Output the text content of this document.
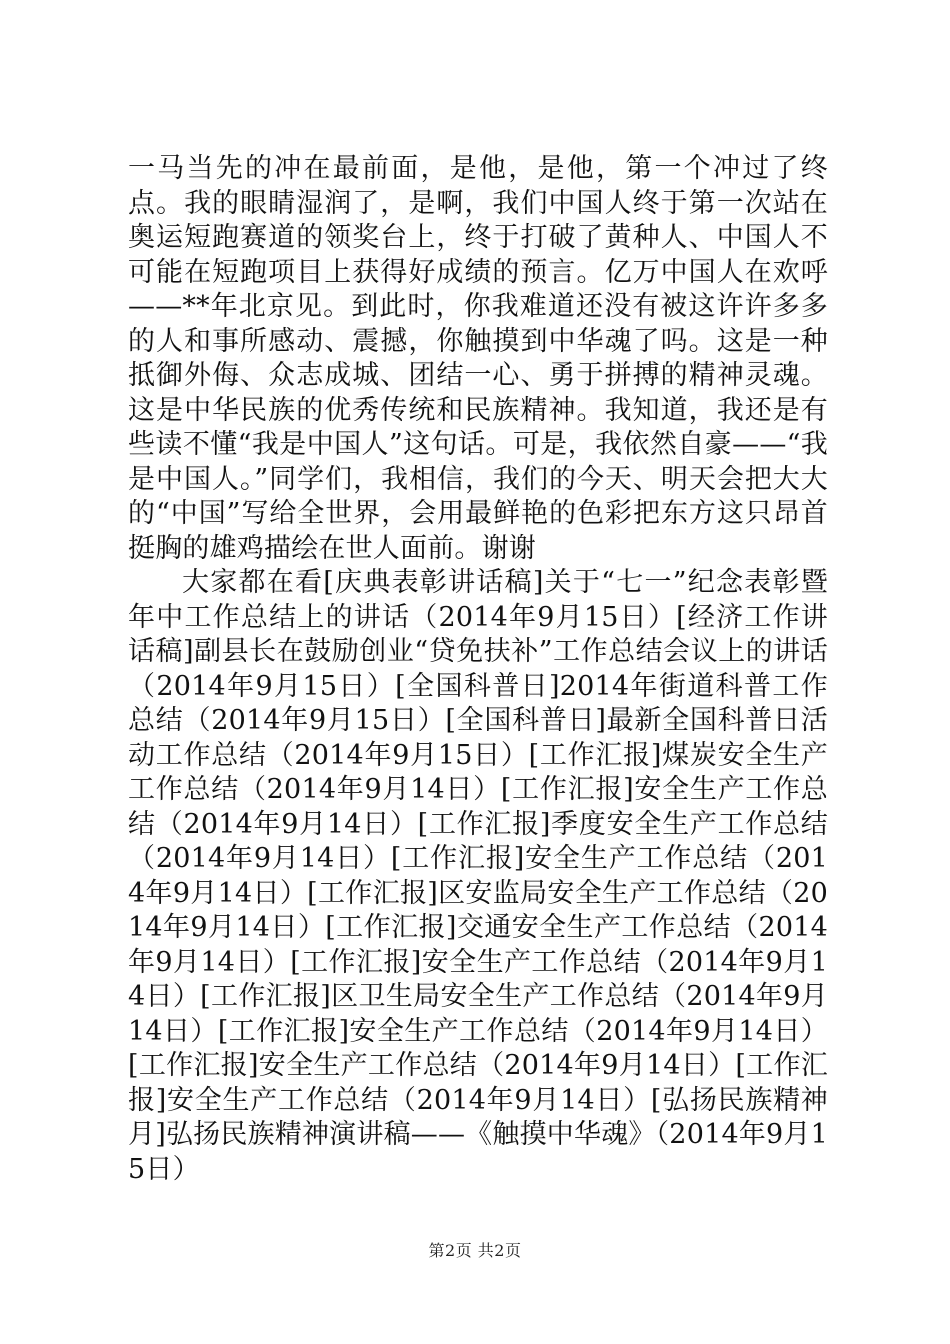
一马当先的冲在最前面，是他，是他，第一个冲过了终点。我的眼睛湿润了，是啊，我们中国人终于第一次站在奥运短跑赛道的领奖台上，终于打破了黄种人、中国人不可能在短跑项目上获得好成绩的预言。亿万中国人在欢呼——**年北京见。到此时，你我难道还没有被这许许多多的人和事所感动、震撼，你触摸到中华魂了吗。这是一种抵御外侮、众志成城、团结一心、勇于拼搏的精神灵魂。这是中华民族的优秀传统和民族精神。我知道，我还是有些读不懂“我是中国人”这句话。可是，我依然自豪——“我是中国人。”同学们，我相信，我们的今天、明天会把大大的“中国”写给全世界，会用最鲜艳的色彩把东方这只昂首挺胸的雄鸡描绘在世人面前。谢谢

大家都在看[庆典表彰讲话稿]关于“七一”纪念表彰暨年中工作总结上的讲话（2014年9月15日）[经济工作讲话稿]副县长在鼓励创业“贷免扶补”工作总结会议上的讲话（2014年9月15日）[全国科普日]2014年街道科普工作总结（2014年9月15日）[全国科普日]最新全国科普日活动工作总结（2014年9月15日）[工作汇报]煤炭安全生产工作总结（2014年9月14日）[工作汇报]安全生产工作总结（2014年9月14日）[工作汇报]季度安全生产工作总结（2014年9月14日）[工作汇报]安全生产工作总结（2014年9月14日）[工作汇报]区安监局安全生产工作总结（2014年9月14日）[工作汇报]交通安全生产工作总结（2014年9月14日）[工作汇报]安全生产工作总结（2014年9月14日）[工作汇报]区卫生局安全生产工作总结（2014年9月14日）[工作汇报]安全生产工作总结（2014年9月14日）[工作汇报]安全生产工作总结（2014年9月14日）[工作汇报]安全生产工作总结（2014年9月14日）[弘扬民族精神月]弘扬民族精神演讲稿——《触摸中华魂》（2014年9月15日）

第2页 共2页
